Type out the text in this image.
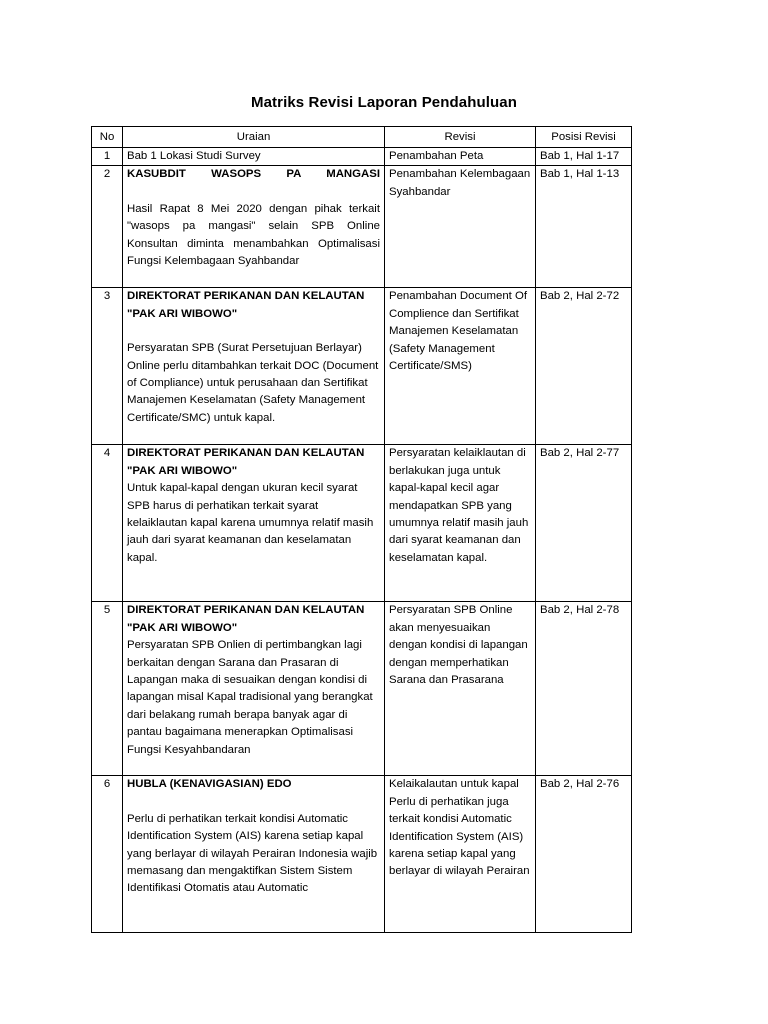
Matriks Revisi Laporan Pendahuluan
No	Uraian	Revisi	Posisi Revisi
1	Bab 1 Lokasi Studi Survey	Penambahan Peta	Bab 1, Hal 1-17
2	KASUBDIT WASOPS PA MANGASI
Hasil Rapat 8 Mei 2020 dengan pihak terkait "wasops pa mangasi" selain SPB Online Konsultan diminta menambahkan Optimalisasi Fungsi Kelembagaan Syahbandar	Penambahan Kelembagaan Syahbandar	Bab 1, Hal 1-13
3	DIREKTORAT PERIKANAN DAN KELAUTAN "PAK ARI WIBOWO"
Persyaratan SPB (Surat Persetujuan Berlayar) Online perlu ditambahkan terkait DOC (Document of Compliance) untuk perusahaan dan Sertifikat Manajemen Keselamatan (Safety Management Certificate/SMC) untuk kapal.	Penambahan Document Of Complience dan Sertifikat Manajemen Keselamatan (Safety Management Certificate/SMS)	Bab 2, Hal 2-72
4	DIREKTORAT PERIKANAN DAN KELAUTAN "PAK ARI WIBOWO"
Untuk kapal-kapal dengan ukuran kecil syarat SPB harus di perhatikan terkait syarat kelaiklautan kapal karena umumnya relatif masih jauh dari syarat keamanan dan keselamatan kapal.	Persyaratan kelaiklautan di berlakukan juga untuk kapal-kapal kecil agar mendapatkan SPB yang umumnya relatif masih jauh dari syarat keamanan dan keselamatan kapal.	Bab 2, Hal 2-77
5	DIREKTORAT PERIKANAN DAN KELAUTAN "PAK ARI WIBOWO"
Persyaratan SPB Onlien di pertimbangkan lagi berkaitan dengan Sarana dan Prasaran di Lapangan maka di sesuaikan dengan kondisi di lapangan misal Kapal tradisional yang berangkat dari belakang rumah berapa banyak agar di pantau bagaimana menerapkan Optimalisasi Fungsi Kesyahbandaran	Persyaratan SPB Online akan menyesuaikan dengan kondisi di lapangan dengan memperhatikan Sarana dan Prasarana	Bab 2, Hal 2-78
6	HUBLA (KENAVIGASIAN) EDO
Perlu di perhatikan terkait kondisi Automatic Identification System (AIS) karena setiap kapal yang berlayar di wilayah Perairan Indonesia wajib memasang dan mengaktifkan Sistem Sistem Identifikasi Otomatis atau Automatic	Kelaikalautan untuk kapal Perlu di perhatikan juga terkait kondisi Automatic Identification System (AIS) karena setiap kapal yang berlayar di wilayah Perairan	Bab 2, Hal 2-76
